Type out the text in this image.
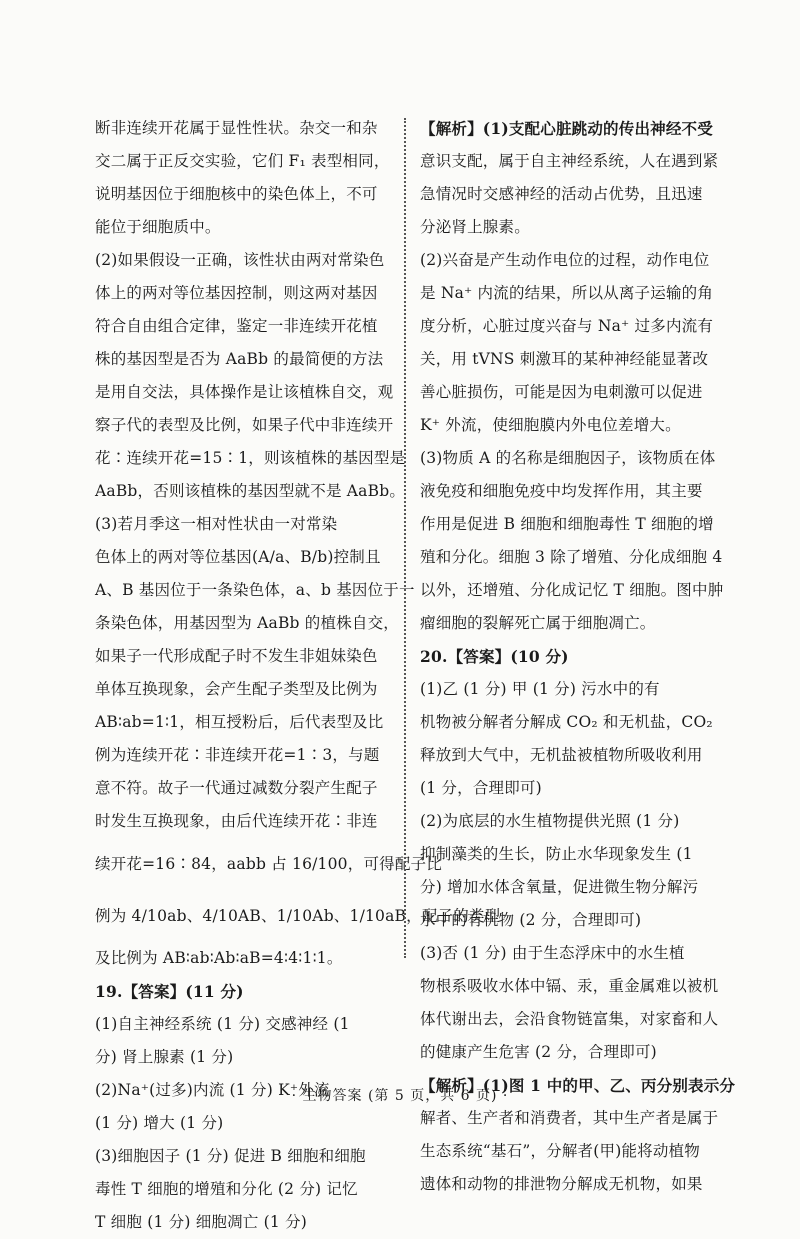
断非连续开花属于显性性状。杂交一和杂
交二属于正反交实验，它们 F₁ 表型相同，
说明基因位于细胞核中的染色体上，不可
能位于细胞质中。
(2)如果假设一正确，该性状由两对常染色
体上的两对等位基因控制，则这两对基因
符合自由组合定律，鉴定一非连续开花植
株的基因型是否为 AaBb 的最简便的方法
是用自交法，具体操作是让该植株自交，观
察子代的表型及比例，如果子代中非连续开
花∶连续开花=15∶1，则该植株的基因型是
AaBb，否则该植株的基因型就不是 AaBb。
(3)若月季这一相对性状由一对常染
色体上的两对等位基因(A/a、B/b)控制且
A、B 基因位于一条染色体，a、b 基因位于一
条染色体，用基因型为 AaBb 的植株自交，
如果子一代形成配子时不发生非姐妹染色
单体互换现象，会产生配子类型及比例为
AB∶ab=1∶1，相互授粉后，后代表型及比
例为连续开花∶非连续开花=1∶3，与题
意不符。故子一代通过减数分裂产生配子
时发生互换现象，由后代连续开花∶非连
续开花=16∶84，aabb 占 16/100，可得配子比
例为 4/10ab、4/10AB、1/10Ab、1/10aB，配子的类型
及比例为 AB∶ab∶Ab∶aB=4∶4∶1∶1。
19.【答案】(11 分)
(1)自主神经系统 (1 分) 交感神经 (1
分) 肾上腺素 (1 分)
(2)Na⁺(过多)内流 (1 分) K⁺外流
(1 分) 增大 (1 分)
(3)细胞因子 (1 分) 促进 B 细胞和细胞
毒性 T 细胞的增殖和分化 (2 分) 记忆
T 细胞 (1 分) 细胞凋亡 (1 分)
【解析】(1)支配心脏跳动的传出神经不受
意识支配，属于自主神经系统，人在遇到紧
急情况时交感神经的活动占优势，且迅速
分泌肾上腺素。
(2)兴奋是产生动作电位的过程，动作电位
是 Na⁺ 内流的结果，所以从离子运输的角
度分析，心脏过度兴奋与 Na⁺ 过多内流有
关，用 tVNS 刺激耳的某种神经能显著改
善心脏损伤，可能是因为电刺激可以促进
K⁺ 外流，使细胞膜内外电位差增大。
(3)物质 A 的名称是细胞因子，该物质在体
液免疫和细胞免疫中均发挥作用，其主要
作用是促进 B 细胞和细胞毒性 T 细胞的增
殖和分化。细胞 3 除了增殖、分化成细胞 4
以外，还增殖、分化成记忆 T 细胞。图中肿
瘤细胞的裂解死亡属于细胞凋亡。
20.【答案】(10 分)
(1)乙 (1 分) 甲 (1 分) 污水中的有
机物被分解者分解成 CO₂ 和无机盐，CO₂
释放到大气中，无机盐被植物所吸收利用
(1 分，合理即可)
(2)为底层的水生植物提供光照 (1 分)
抑制藻类的生长，防止水华现象发生 (1
分) 增加水体含氧量，促进微生物分解污
水中的有机物 (2 分，合理即可)
(3)否 (1 分) 由于生态浮床中的水生植
物根系吸收水体中镉、汞，重金属难以被机
体代谢出去，会沿食物链富集，对家畜和人
的健康产生危害 (2 分，合理即可)
【解析】(1)图 1 中的甲、乙、丙分别表示分
解者、生产者和消费者，其中生产者是属于
生态系统“基石”，分解者(甲)能将动植物
遗体和动物的排泄物分解成无机物，如果
· 生物答案 (第 5 页，共 6 页) ·
